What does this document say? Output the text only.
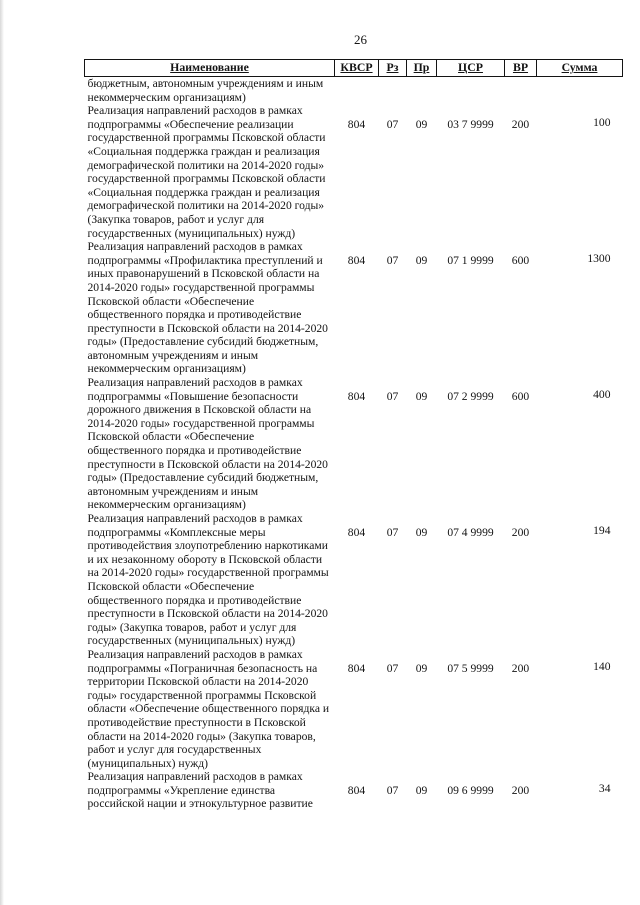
26
Наименование	КВСР	Рз	Пр	ЦСР	ВР	Сумма
бюджетным, автономным учреждениям и иным некоммерческим организациям)						
Реализация направлений расходов в рамках подпрограммы «Обеспечение реализации государственной программы Псковской области «Социальная поддержка граждан и реализация демографической политики на 2014-2020 годы» государственной программы Псковской области «Социальная поддержка граждан и реализация демографической политики на 2014-2020 годы» (Закупка товаров, работ и услуг для государственных (муниципальных) нужд)	804	07	09	03 7 9999	200	100
Реализация направлений расходов в рамках подпрограммы «Профилактика преступлений и иных правонарушений в Псковской области на 2014-2020 годы» государственной программы Псковской области «Обеспечение общественного порядка и противодействие преступности в Псковской области на 2014-2020 годы» (Предоставление субсидий бюджетным, автономным учреждениям и иным некоммерческим организациям)	804	07	09	07 1 9999	600	1300
Реализация направлений расходов в рамках подпрограммы «Повышение безопасности дорожного движения в Псковской области на 2014-2020 годы» государственной программы Псковской области «Обеспечение общественного порядка и противодействие преступности в Псковской области на 2014-2020 годы» (Предоставление субсидий бюджетным, автономным учреждениям и иным некоммерческим организациям)	804	07	09	07 2 9999	600	400
Реализация направлений расходов в рамках подпрограммы «Комплексные меры противодействия злоупотреблению наркотиками и их незаконному обороту в Псковской области на 2014-2020 годы» государственной программы Псковской области «Обеспечение общественного порядка и противодействие преступности в Псковской области на 2014-2020 годы» (Закупка товаров, работ и услуг для государственных (муниципальных) нужд)	804	07	09	07 4 9999	200	194
Реализация направлений расходов в рамках подпрограммы «Пограничная безопасность на территории Псковской области на 2014-2020 годы» государственной программы Псковской области «Обеспечение общественного порядка и противодействие преступности в Псковской области на 2014-2020 годы» (Закупка товаров, работ и услуг для государственных (муниципальных) нужд)	804	07	09	07 5 9999	200	140
Реализация направлений расходов в рамках подпрограммы «Укрепление единства российской нации и этнокультурное развитие	804	07	09	09 6 9999	200	34
